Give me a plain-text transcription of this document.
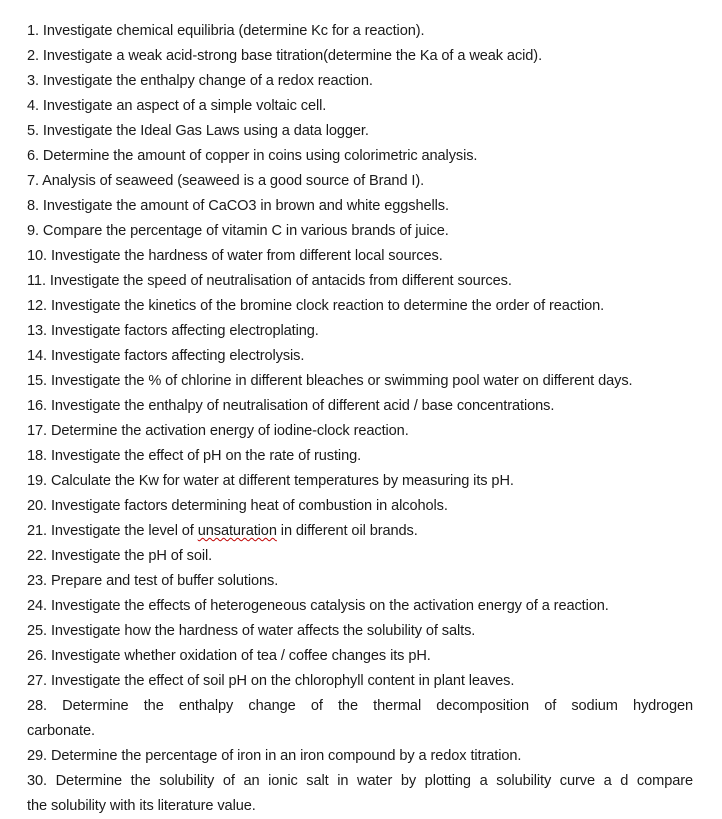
1. Investigate chemical equilibria (determine Kc for a reaction).

2. Investigate a weak acid-strong base titration(determine the Ka of a weak acid).

3. Investigate the enthalpy change of a redox reaction.

4. Investigate an aspect of a simple voltaic cell.

5. Investigate the Ideal Gas Laws using a data logger.

6. Determine the amount of copper in coins using colorimetric analysis.

7. Analysis of seaweed (seaweed is a good source of Brand I).

8. Investigate the amount of CaCO3 in brown and white eggshells.

9. Compare the percentage of vitamin C in various brands of juice.

10. Investigate the hardness of water from different local sources.

11. Investigate the speed of neutralisation of antacids from different sources.

12. Investigate the kinetics of the bromine clock reaction to determine the order of reaction.

13. Investigate factors affecting electroplating.

14. Investigate factors affecting electrolysis.

15. Investigate the % of chlorine in different bleaches or swimming pool water on different days.

16. Investigate the enthalpy of neutralisation of different acid / base concentrations.

17. Determine the activation energy of iodine-clock reaction.

18. Investigate the effect of pH on the rate of rusting.

19. Calculate the Kw for water at different temperatures by measuring its pH.

20. Investigate factors determining heat of combustion in alcohols.

21. Investigate the level of unsaturation in different oil brands.

22. Investigate the pH of soil.

23. Prepare and test of buffer solutions.

24. Investigate the effects of heterogeneous catalysis on the activation energy of a reaction.

25. Investigate how the hardness of water affects the solubility of salts.

26. Investigate whether oxidation of tea / coffee changes its pH.

27. Investigate the effect of soil pH on the chlorophyll content in plant leaves.

28. Determine the enthalpy change of the thermal decomposition of sodium hydrogen
carbonate.

29. Determine the percentage of iron in an iron compound by a redox titration.

30. Determine the solubility of an ionic salt in water by plotting a solubility curve a d compare
the solubility with its literature value.
